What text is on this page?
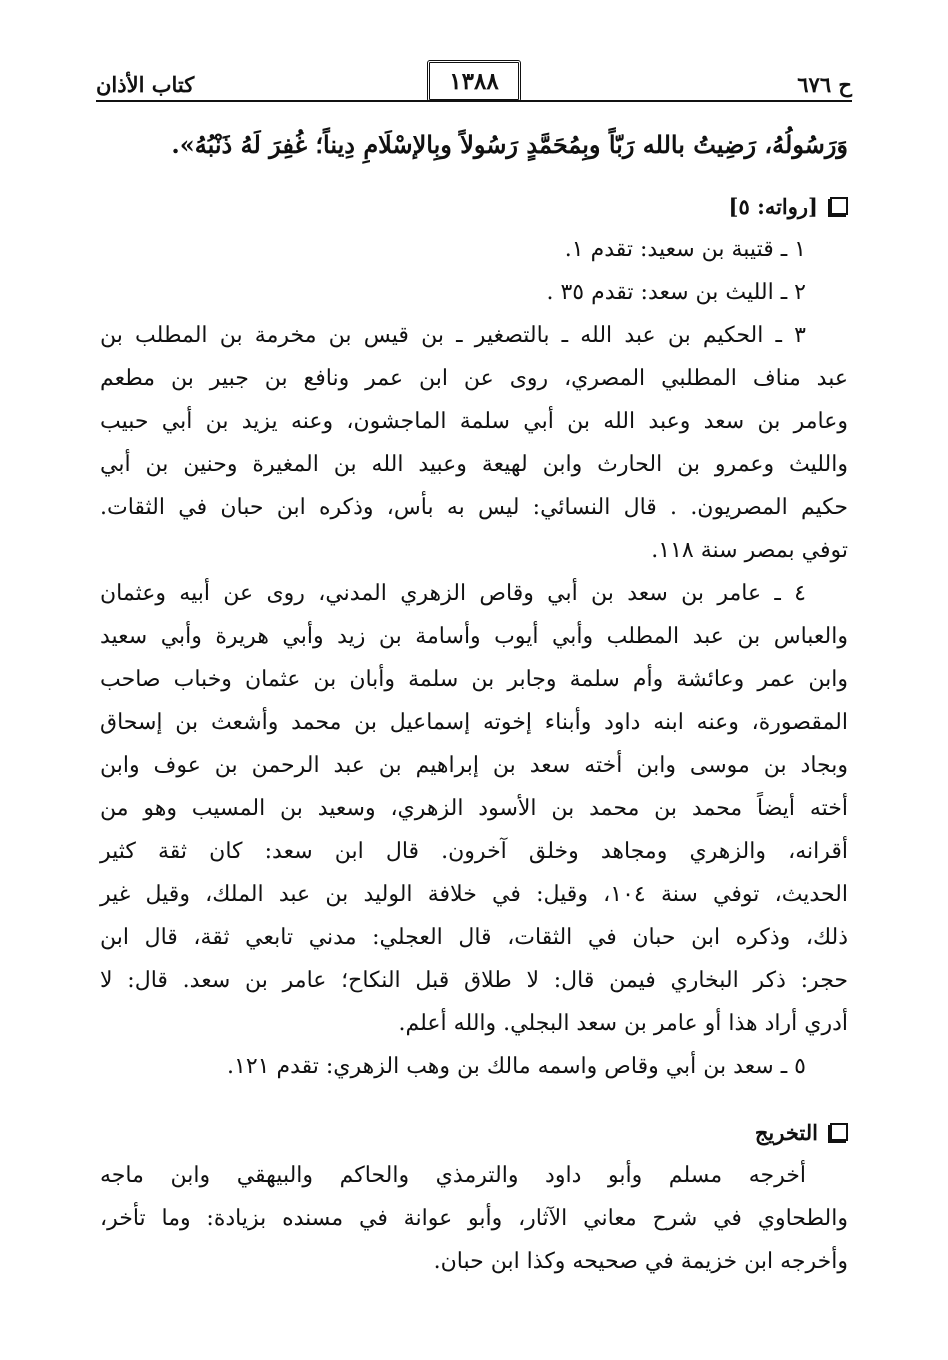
ح ٦٧٦
١٣٨٨
كتاب الأذان
وَرَسُولُهُ، رَضِيتُ بالله رَبّاً وبِمُحَمَّدٍ رَسُولاً وبِالإسْلَامِ دِيناً؛ غُفِرَ لَهُ ذَنْبُهُ».
[رواته: ٥]
١ ـ قتيبة بن سعيد: تقدم ١.
٢ ـ الليث بن سعد: تقدم ٣٥ .
٣ ـ الحكيم بن عبد الله ـ بالتصغير ـ بن قيس بن مخرمة بن المطلب بن
عبد مناف المطلبي المصري، روى عن ابن عمر ونافع بن جبير بن مطعم
وعامر بن سعد وعبد الله بن أبي سلمة الماجشون، وعنه يزيد بن أبي حبيب
والليث وعمرو بن الحارث وابن لهيعة وعبيد الله بن المغيرة وحنين بن أبي
حكيم المصريون. . قال النسائي: ليس به بأس، وذكره ابن حبان في الثقات.
توفي بمصر سنة ١١٨.
٤ ـ عامر بن سعد بن أبي وقاص الزهري المدني، روى عن أبيه وعثمان
والعباس بن عبد المطلب وأبي أيوب وأسامة بن زيد وأبي هريرة وأبي سعيد
وابن عمر وعائشة وأم سلمة وجابر بن سلمة وأبان بن عثمان وخباب صاحب
المقصورة، وعنه ابنه داود وأبناء إخوته إسماعيل بن محمد وأشعث بن إسحاق
وبجاد بن موسى وابن أخته سعد بن إبراهيم بن عبد الرحمن بن عوف وابن
أخته أيضاً محمد بن محمد بن الأسود الزهري، وسعيد بن المسيب وهو من
أقرانه، والزهري ومجاهد وخلق آخرون. قال ابن سعد: كان ثقة كثير
الحديث، توفي سنة ١٠٤، وقيل: في خلافة الوليد بن عبد الملك، وقيل غير
ذلك، وذكره ابن حبان في الثقات، قال العجلي: مدني تابعي ثقة، قال ابن
حجر: ذكر البخاري فيمن قال: لا طلاق قبل النكاح؛ عامر بن سعد. قال: لا
أدري أراد هذا أو عامر بن سعد البجلي. والله أعلم.
٥ ـ سعد بن أبي وقاص واسمه مالك بن وهب الزهري: تقدم ١٢١.
التخريج
أخرجه مسلم وأبو داود والترمذي والحاكم والبيهقي وابن ماجه
والطحاوي في شرح معاني الآثار، وأبو عوانة في مسنده بزيادة: وما تأخر،
وأخرجه ابن خزيمة في صحيحه وكذا ابن حبان.
